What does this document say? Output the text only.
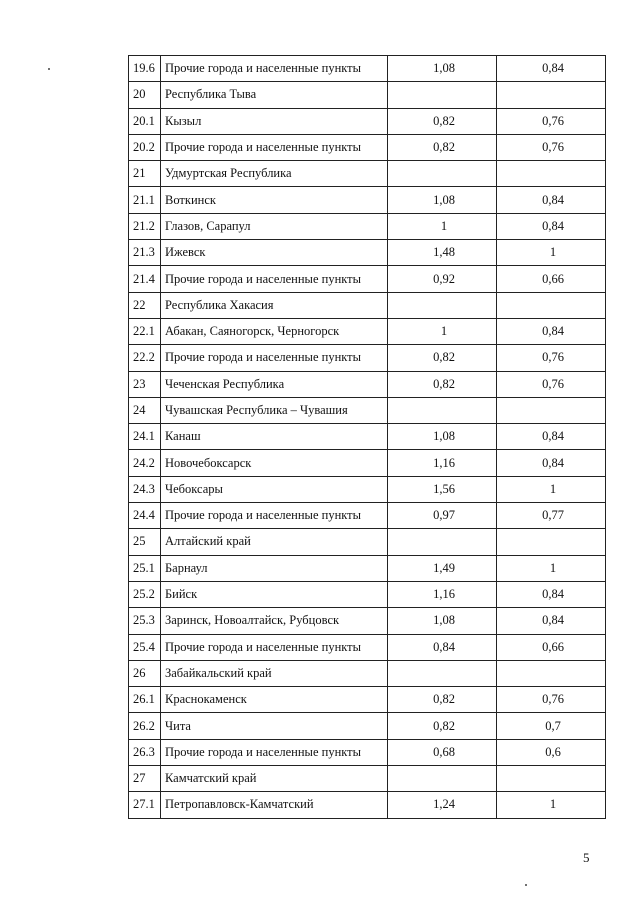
19.6	Прочие города и населенные пункты	1,08	0,84
20	Республика Тыва		
20.1	Кызыл	0,82	0,76
20.2	Прочие города и населенные пункты	0,82	0,76
21	Удмуртская Республика		
21.1	Воткинск	1,08	0,84
21.2	Глазов, Сарапул	1	0,84
21.3	Ижевск	1,48	1
21.4	Прочие города и населенные пункты	0,92	0,66
22	Республика Хакасия		
22.1	Абакан, Саяногорск, Черногорск	1	0,84
22.2	Прочие города и населенные пункты	0,82	0,76
23	Чеченская Республика	0,82	0,76
24	Чувашская Республика – Чувашия		
24.1	Канаш	1,08	0,84
24.2	Новочебоксарск	1,16	0,84
24.3	Чебоксары	1,56	1
24.4	Прочие города и населенные пункты	0,97	0,77
25	Алтайский край		
25.1	Барнаул	1,49	1
25.2	Бийск	1,16	0,84
25.3	Заринск, Новоалтайск, Рубцовск	1,08	0,84
25.4	Прочие города и населенные пункты	0,84	0,66
26	Забайкальский край		
26.1	Краснокаменск	0,82	0,76
26.2	Чита	0,82	0,7
26.3	Прочие города и населенные пункты	0,68	0,6
27	Камчатский край		
27.1	Петропавловск-Камчатский	1,24	1
5
